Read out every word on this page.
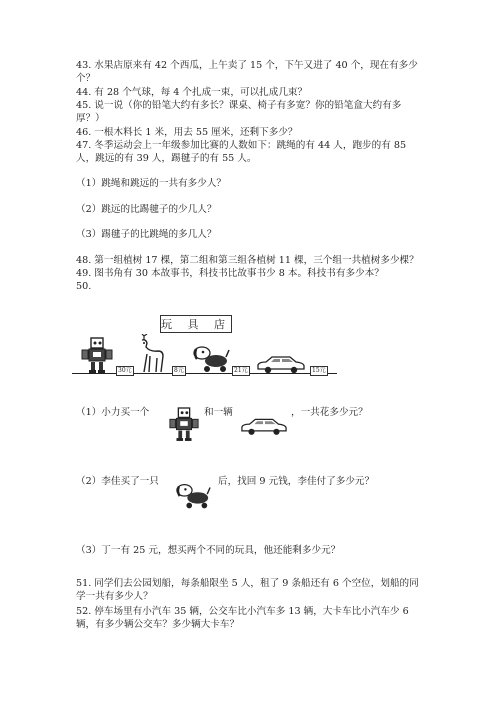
43. 水果店原来有 42 个西瓜，上午卖了 15 个，下午又进了 40 个，现在有多少
个？
44. 有 28 个气球，每 4 个扎成一束，可以扎成几束？
45. 说一说（你的铅笔大约有多长？课桌、椅子有多宽？你的铅笔盒大约有多
厚？）
46. 一根木料长 1 米，用去 55 厘米，还剩下多少？
47. 冬季运动会上一年级参加比赛的人数如下：跳绳的有 44 人，跑步的有 85
人，跳远的有 39 人，踢毽子的有 55 人。
（1）跳绳和跳远的一共有多少人？
（2）跳远的比踢毽子的少几人？
（3）踢毽子的比跳绳的多几人？
48. 第一组植树 17 棵，第二组和第三组各植树 11 棵，三个组一共植树多少棵？
49. 图书角有 30 本故事书，科技书比故事书少 8 本。科技书有多少本？
50.
玩 具 店
30元	8元	21元	15元
（1）小力买一个	和一辆	，一共花多少元？
（2）李佳买了一只	后，找回 9 元钱，李佳付了多少元？
（3）丁一有 25 元，想买两个不同的玩具，他还能剩多少元？
51. 同学们去公园划船，每条船限坐 5 人，租了 9 条船还有 6 个空位，划船的同
学一共有多少人？
52. 停车场里有小汽车 35 辆，公交车比小汽车多 13 辆，大卡车比小汽车少 6
辆，有多少辆公交车？多少辆大卡车？
